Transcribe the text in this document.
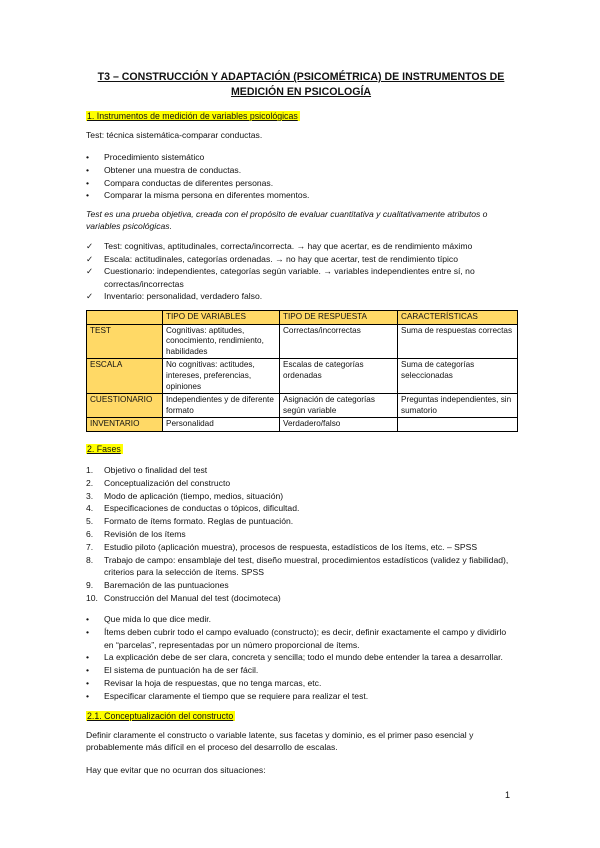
T3 – CONSTRUCCIÓN Y ADAPTACIÓN (PSICOMÉTRICA) DE INSTRUMENTOS DE MEDICIÓN EN PSICOLOGÍA
1. Instrumentos de medición de variables psicológicas
Test: técnica sistemática-comparar conductas.
•	Procedimiento sistemático
•	Obtener una muestra de conductas.
•	Compara conductas de diferentes personas.
•	Comparar la misma persona en diferentes momentos.
Test es una prueba objetiva, creada con el propósito de evaluar cuantitativa y cualitativamente atributos o variables psicológicas.
✓	Test: cognitivas, aptitudinales, correcta/incorrecta. → hay que acertar, es de rendimiento máximo
✓	Escala: actitudinales, categorías ordenadas. → no hay que acertar, test de rendimiento típico
✓	Cuestionario: independientes, categorías según variable. → variables independientes entre sí, no correctas/incorrectas
✓	Inventario: personalidad, verdadero falso.
	TIPO DE VARIABLES	TIPO DE RESPUESTA	CARACTERÍSTICAS
TEST	Cognitivas: aptitudes, conocimiento, rendimiento, habilidades	Correctas/incorrectas	Suma de respuestas correctas
ESCALA	No cognitivas: actitudes, intereses, preferencias, opiniones	Escalas de categorías ordenadas	Suma de categorías seleccionadas
CUESTIONARIO	Independientes y de diferente formato	Asignación de categorías según variable	Preguntas independientes, sin sumatorio
INVENTARIO	Personalidad	Verdadero/falso	
2. Fases
1.	Objetivo o finalidad del test
2.	Conceptualización del constructo
3.	Modo de aplicación (tiempo, medios, situación)
4.	Especificaciones de conductas o tópicos, dificultad.
5.	Formato de ítems formato. Reglas de puntuación.
6.	Revisión de los ítems
7.	Estudio piloto (aplicación muestra), procesos de respuesta, estadísticos de los ítems, etc. – SPSS
8.	Trabajo de campo: ensamblaje del test, diseño muestral, procedimientos estadísticos (validez y fiabilidad), criterios para la selección de ítems. SPSS
9.	Baremación de las puntuaciones
10. Construcción del Manual del test (docimoteca)
•	Que mida lo que dice medir.
•	Ítems deben cubrir todo el campo evaluado (constructo); es decir, definir exactamente el campo y dividirlo en “parcelas”, representadas por un número proporcional de ítems.
•	La explicación debe de ser clara, concreta y sencilla; todo el mundo debe entender la tarea a desarrollar.
•	El sistema de puntuación ha de ser fácil.
•	Revisar la hoja de respuestas, que no tenga marcas, etc.
•	Especificar claramente el tiempo que se requiere para realizar el test.
2.1. Conceptualización del constructo
Definir claramente el constructo o variable latente, sus facetas y dominio, es el primer paso esencial y probablemente más difícil en el proceso del desarrollo de escalas.
Hay que evitar que no ocurran dos situaciones:
1
